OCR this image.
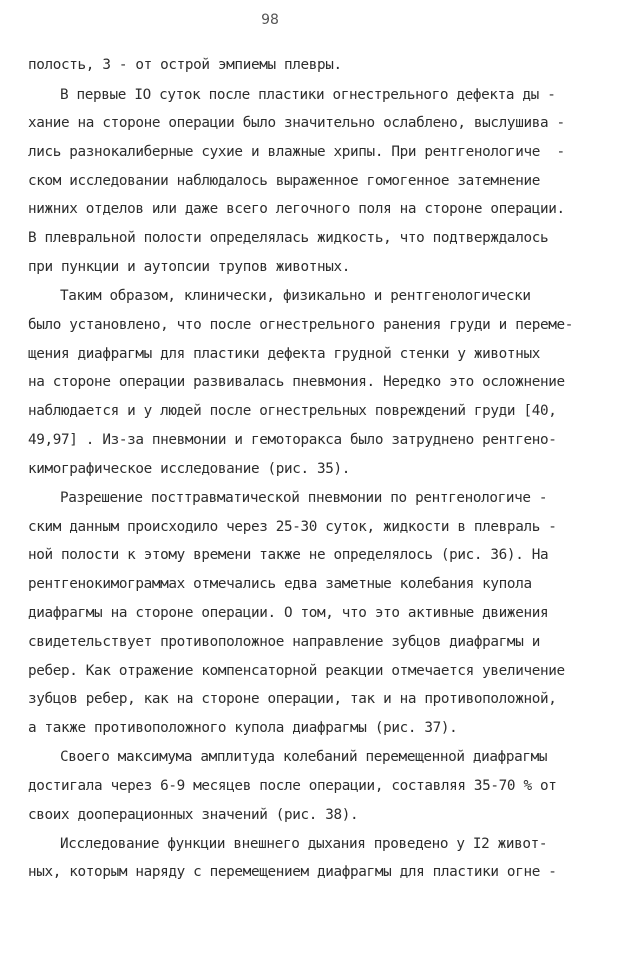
98
полость, 3 - от острой эмпиемы плевры.
В первые IO суток после пластики огнестрельного дефекта ды -
хание на стороне операции было значительно ослаблено, выслушива -
лись разнокалиберные сухие и влажные хрипы. При рентгенологиче  -
ском исследовании наблюдалось выраженное гомогенное затемнение
нижних отделов или даже всего легочного поля на стороне операции.
В плевральной полости определялась жидкость, что подтверждалось
при пункции и аутопсии трупов животных.
Таким образом, клинически, физикально и рентгенологически
было установлено, что после огнестрельного ранения груди и переме-
щения диафрагмы для пластики дефекта грудной стенки у животных
на стороне операции развивалась пневмония. Нередко это осложнение
наблюдается и у людей после огнестрельных повреждений груди [40,
49,97] . Из-за пневмонии и гемоторакса было затруднено рентгено-
кимографическое исследование (рис. 35).
Разрешение посттравматической пневмонии по рентгенологиче -
ским данным происходило через 25-30 суток, жидкости в плевраль -
ной полости к этому времени также не определялось (рис. 36). На
рентгенокимограммах отмечались едва заметные колебания купола
диафрагмы на стороне операции. О том, что это активные движения
свидетельствует противоположное направление зубцов диафрагмы и
ребер. Как отражение компенсаторной реакции отмечается увеличение
зубцов ребер, как на стороне операции, так и на противоположной,
а также противоположного купола диафрагмы (рис. 37).
Своего максимума амплитуда колебаний перемещенной диафрагмы
достигала через 6-9 месяцев после операции, составляя 35-70 % от
своих дооперационных значений (рис. 38).
Исследование функции внешнего дыхания проведено у I2 живот-
ных, которым наряду с перемещением диафрагмы для пластики огне -
